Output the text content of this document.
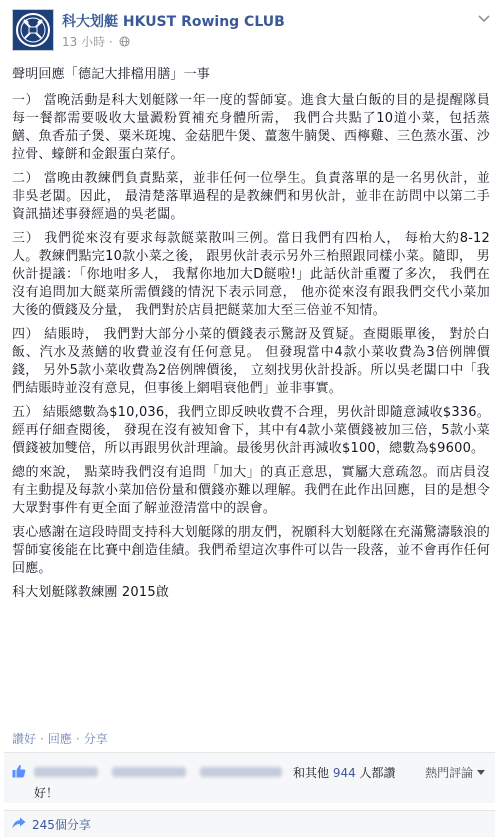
科大划艇 HKUST Rowing CLUB
13 小時 ·

聲明回應「德記大排檔用膳」一事

一） 當晚活動是科大划艇隊一年一度的誓師宴。進食大量白飯的目的是提醒隊員每一餐都需要吸收大量澱粉質補充身體所需， 我們合共點了10道小菜，包括蒸鱔、魚香茄子煲、粟米斑塊、金菇肥牛煲、薑葱牛腩煲、西檸雞、三色蒸水蛋、沙拉骨、蠔餅和金銀蛋白菜仔。

二） 當晚由教練們負責點菜，並非任何一位學生。負責落單的是一名男伙計，並非吳老闆。因此， 最清楚落單過程的是教練們和男伙計，並非在訪問中以第二手資訊描述事發經過的吳老闆。

三） 我們從來沒有要求每款餸菜散叫三例。當日我們有四枱人， 每枱大約8-12人。教練們點完10款小菜之後， 跟男伙計表示另外三枱照跟同樣小菜。隨即， 男伙計提議：「你地咁多人， 我幫你地加大D餸啦!」此話伙計重覆了多次， 我們在沒有追問加大餸菜所需價錢的情況下表示同意， 他亦從來沒有跟我們交代小菜加大後的價錢及分量， 我們對於店員把餸菜加大至三倍並不知情。

四） 結賬時， 我們對大部分小菜的價錢表示驚訝及質疑。查閱賬單後， 對於白飯、汽水及蒸鱔的收費並沒有任何意見。 但發現當中4款小菜收費為3倍例牌價錢， 另外5款小菜收費為2倍例牌價後， 立刻找男伙計投訴。所以吳老闆口中「我們結賬時並沒有意見，但事後上網唱衰他們」並非事實。

五） 結賬總數為$10,036，我們立即反映收費不合理，男伙計即隨意減收$336。經再仔細查閱後， 發現在沒有被知會下，其中有4款小菜價錢被加三倍，5款小菜價錢被加雙倍，所以再跟男伙計理論。最後男伙計再減收$100，總數為$9600。

總的來說， 點菜時我們沒有追問「加大」的真正意思，實屬大意疏忽。而店員沒有主動提及每款小菜加倍份量和價錢亦難以理解。我們在此作出回應，目的是想令大眾對事件有更全面了解並澄清當中的誤會。

衷心感謝在這段時間支持科大划艇隊的朋友們，祝願科大划艇隊在充滿驚濤駭浪的誓師宴後能在比賽中創造佳績。我們希望這次事件可以告一段落，並不會再作任何回應。

科大划艇隊教練團 2015啟

讚好 · 回應 · 分享
和其他 944 人都讚 熱門評論
好！
245個分享
